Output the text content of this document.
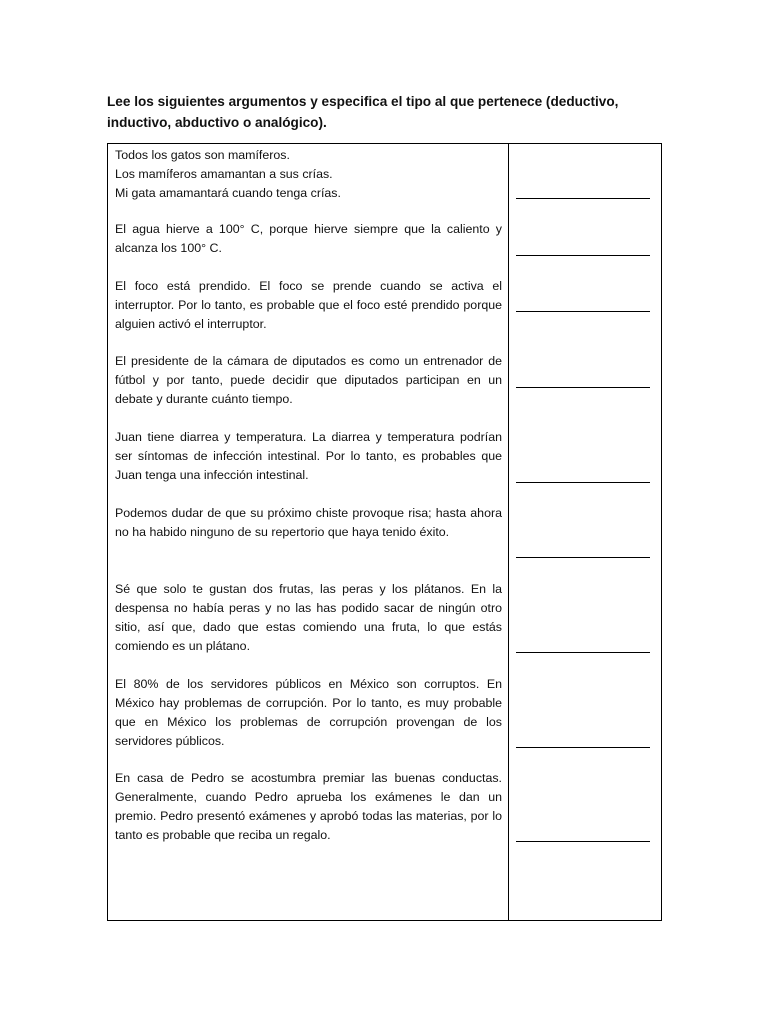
Lee los siguientes argumentos y especifica el tipo al que pertenece (deductivo, inductivo, abductivo o analógico).

Todos los gatos son mamíferos.
Los mamíferos amamantan a sus crías.
Mi gata amamantará cuando tenga crías.

El agua hierve a 100° C, porque hierve siempre que la caliento y alcanza los 100° C.

El foco está prendido. El foco se prende cuando se activa el interruptor. Por lo tanto, es probable que el foco esté prendido porque alguien activó el interruptor.

El presidente de la cámara de diputados es como un entrenador de fútbol y por tanto, puede decidir que diputados participan en un debate y durante cuánto tiempo.

Juan tiene diarrea y temperatura. La diarrea y temperatura podrían ser síntomas de infección intestinal. Por lo tanto, es probables que Juan tenga una infección intestinal.

Podemos dudar de que su próximo chiste provoque risa; hasta ahora no ha habido ninguno de su repertorio que haya tenido éxito.

Sé que solo te gustan dos frutas, las peras y los plátanos. En la despensa no había peras y no las has podido sacar de ningún otro sitio, así que, dado que estas comiendo una fruta, lo que estás comiendo es un plátano.

El 80% de los servidores públicos en México son corruptos. En México hay problemas de corrupción. Por lo tanto, es muy probable que en México los problemas de corrupción provengan de los servidores públicos.

En casa de Pedro se acostumbra premiar las buenas conductas. Generalmente, cuando Pedro aprueba los exámenes le dan un premio. Pedro presentó exámenes y aprobó todas las materias, por lo tanto es probable que reciba un regalo.
